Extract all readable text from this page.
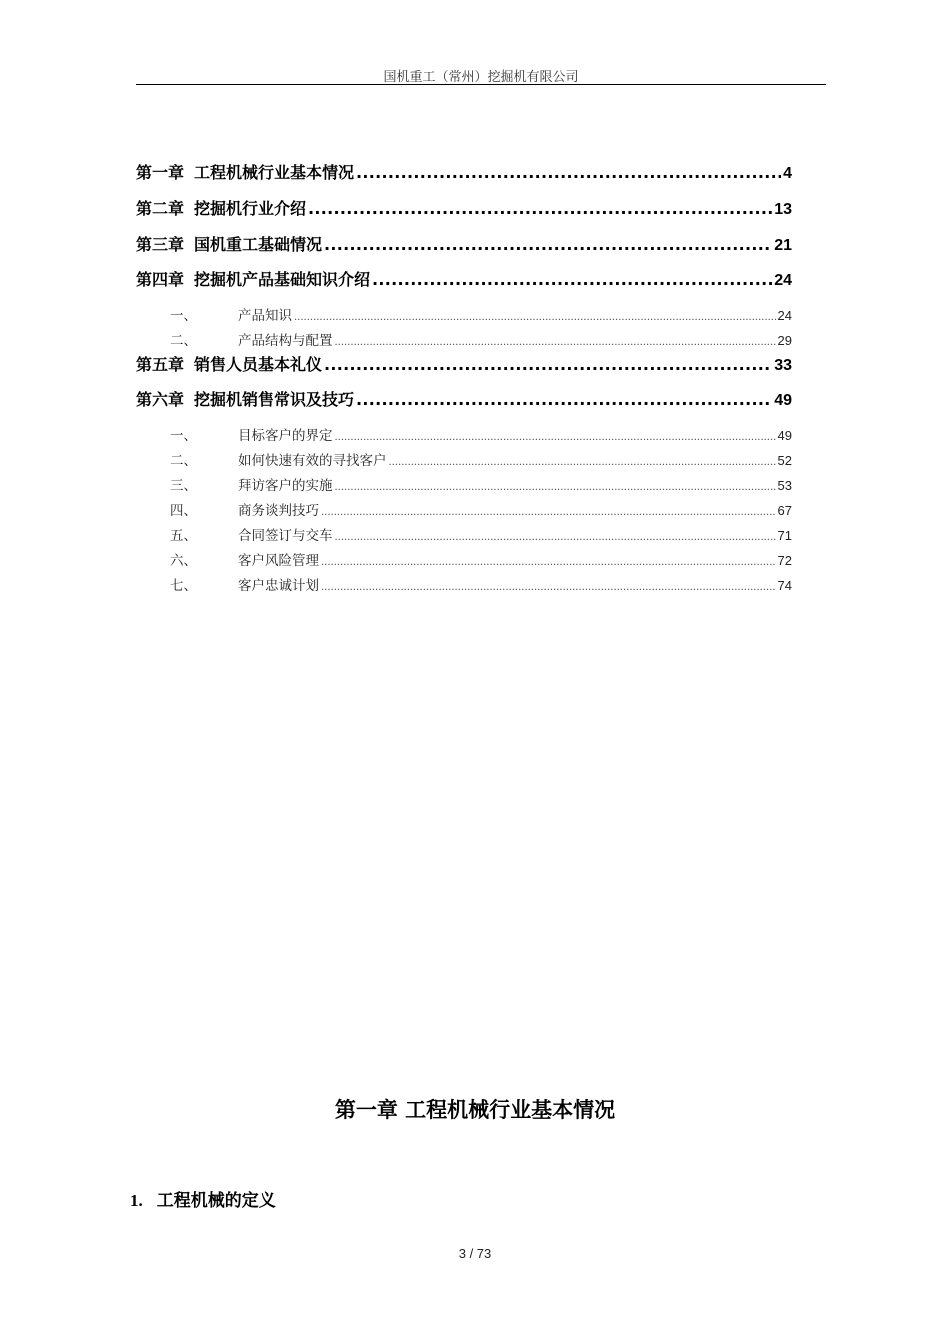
国机重工（常州）挖掘机有限公司
第一章 工程机械行业基本情况 .....	4
第二章 挖掘机行业介绍 .....	13
第三章 国机重工基础情况 .....	21
第四章 挖掘机产品基础知识介绍 .....	24
一、	产品知识 .....	24
二、	产品结构与配置 .....	29
第五章 销售人员基本礼仪 .....	33
第六章 挖掘机销售常识及技巧 .....	49
一、	目标客户的界定 .....	49
二、	如何快速有效的寻找客户 .....	52
三、	拜访客户的实施 .....	53
四、	商务谈判技巧 .....	67
五、	合同签订与交车 .....	71
六、	客户风险管理 .....	72
七、	客户忠诚计划 .....	74
第一章 工程机械行业基本情况
1. 工程机械的定义
3 / 73
